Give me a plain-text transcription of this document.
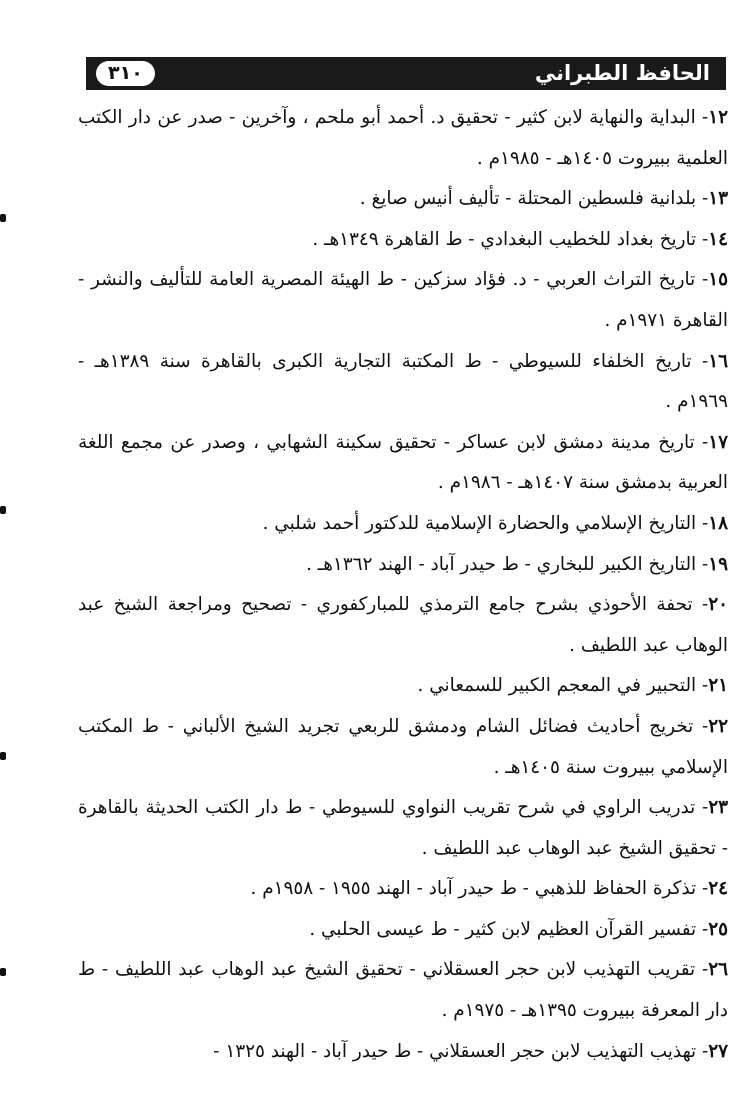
الحافظ الطبراني
٣١٠

١٢- البداية والنهاية لابن كثير - تحقيق د. أحمد أبو ملحم ، وآخرين - صدر عن دار الكتب العلمية ببيروت ١٤٠٥هـ - ١٩٨٥م .

١٣- بلدانية فلسطين المحتلة - تأليف أنيس صايغ .

١٤- تاريخ بغداد للخطيب البغدادي - ط القاهرة ١٣٤٩هـ .

١٥- تاريخ التراث العربي - د. فؤاد سزكين - ط الهيئة المصرية العامة للتأليف والنشر - القاهرة ١٩٧١م .

١٦- تاريخ الخلفاء للسيوطي - ط المكتبة التجارية الكبرى بالقاهرة سنة ١٣٨٩هـ - ١٩٦٩م .

١٧- تاريخ مدينة دمشق لابن عساكر - تحقيق سكينة الشهابي ، وصدر عن مجمع اللغة العربية بدمشق سنة ١٤٠٧هـ - ١٩٨٦م .

١٨- التاريخ الإسلامي والحضارة الإسلامية للدكتور أحمد شلبي .

١٩- التاريخ الكبير للبخاري - ط حيدر آباد - الهند ١٣٦٢هـ .

٢٠- تحفة الأحوذي بشرح جامع الترمذي للمباركفوري - تصحيح ومراجعة الشيخ عبد الوهاب عبد اللطيف .

٢١- التحبير في المعجم الكبير للسمعاني .

٢٢- تخريج أحاديث فضائل الشام ودمشق للربعي تجريد الشيخ الألباني - ط المكتب الإسلامي ببيروت سنة ١٤٠٥هـ .

٢٣- تدريب الراوي في شرح تقريب النواوي للسيوطي - ط دار الكتب الحديثة بالقاهرة - تحقيق الشيخ عبد الوهاب عبد اللطيف .

٢٤- تذكرة الحفاظ للذهبي - ط حيدر آباد - الهند ١٩٥٥ - ١٩٥٨م .

٢٥- تفسير القرآن العظيم لابن كثير - ط عيسى الحلبي .

٢٦- تقريب التهذيب لابن حجر العسقلاني - تحقيق الشيخ عبد الوهاب عبد اللطيف - ط دار المعرفة ببيروت ١٣٩٥هـ - ١٩٧٥م .

٢٧- تهذيب التهذيب لابن حجر العسقلاني - ط حيدر آباد - الهند ١٣٢٥ -
